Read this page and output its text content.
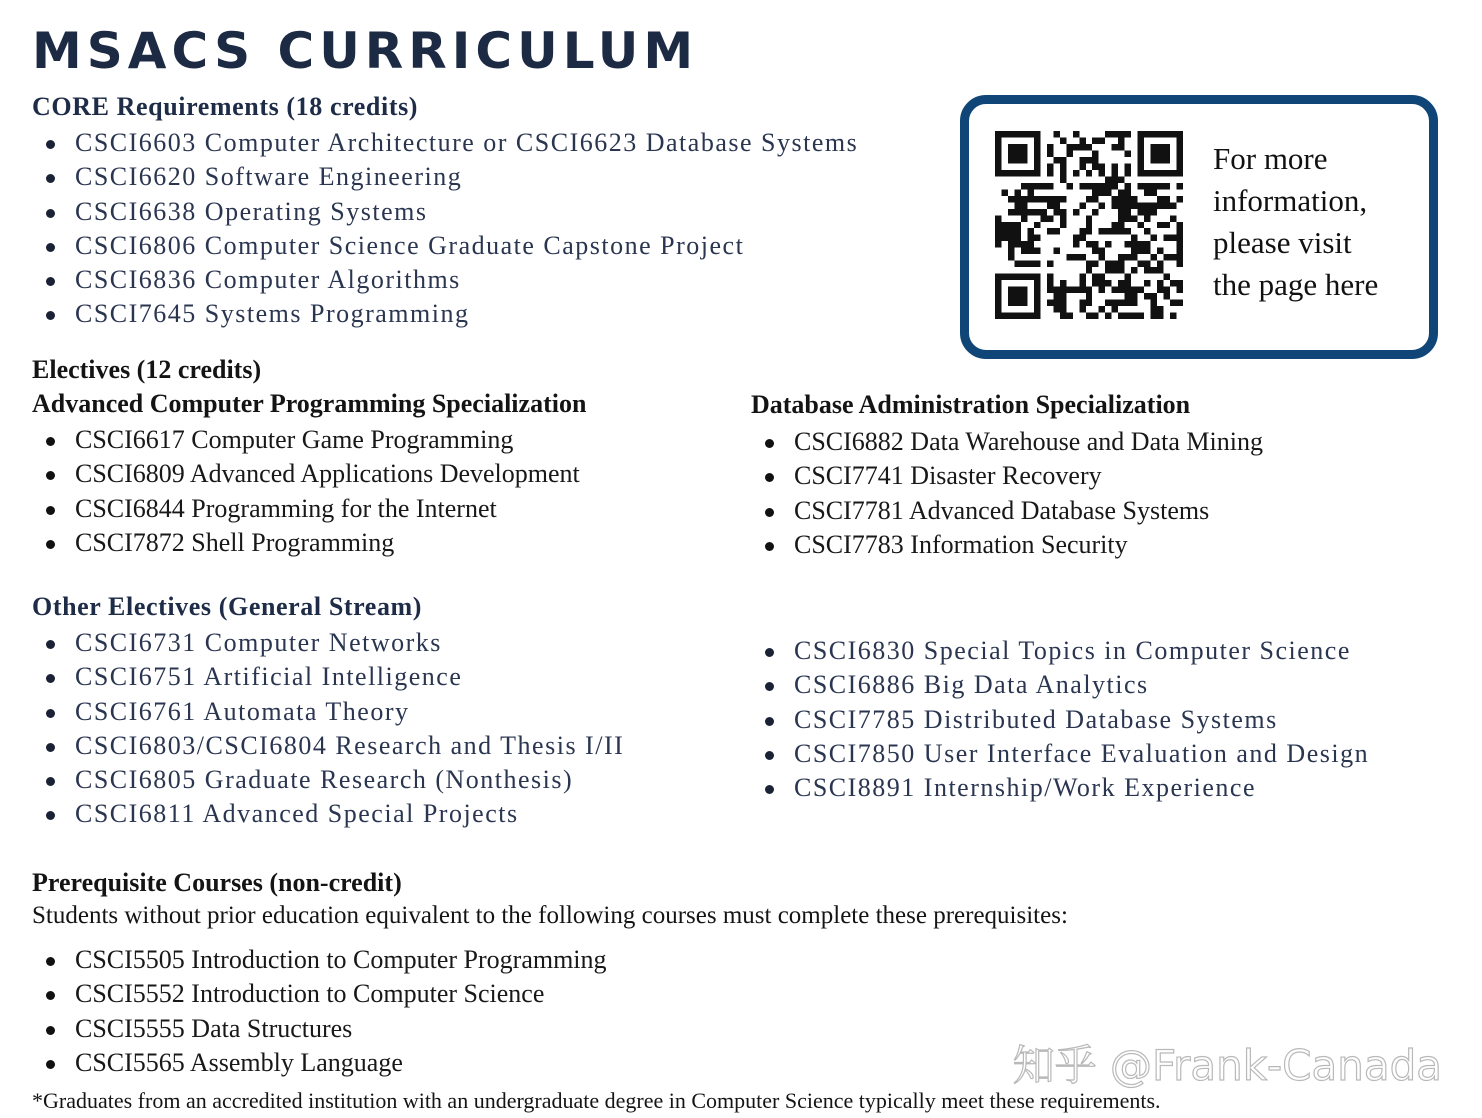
MSACS CURRICULUM
CORE Requirements (18 credits)
CSCI6603 Computer Architecture or CSCI6623 Database Systems
CSCI6620 Software Engineering
CSCI6638 Operating Systems
CSCI6806 Computer Science Graduate Capstone Project
CSCI6836 Computer Algorithms
CSCI7645 Systems Programming
For more
information,
please visit
the page here
Electives (12 credits)
Advanced Computer Programming Specialization
CSCI6617 Computer Game Programming
CSCI6809 Advanced Applications Development
CSCI6844 Programming for the Internet
CSCI7872 Shell Programming
Database Administration Specialization
CSCI6882 Data Warehouse and Data Mining
CSCI7741 Disaster Recovery
CSCI7781 Advanced Database Systems
CSCI7783 Information Security
Other Electives (General Stream)
CSCI6731 Computer Networks
CSCI6751 Artificial Intelligence
CSCI6761 Automata Theory
CSCI6803/CSCI6804 Research and Thesis I/II
CSCI6805 Graduate Research (Nonthesis)
CSCI6811 Advanced Special Projects
CSCI6830 Special Topics in Computer Science
CSCI6886 Big Data Analytics
CSCI7785 Distributed Database Systems
CSCI7850 User Interface Evaluation and Design
CSCI8891 Internship/Work Experience
Prerequisite Courses (non-credit)
Students without prior education equivalent to the following courses must complete these prerequisites:
CSCI5505 Introduction to Computer Programming
CSCI5552 Introduction to Computer Science
CSCI5555 Data Structures
CSCI5565 Assembly Language
*Graduates from an accredited institution with an undergraduate degree in Computer Science typically meet these requirements.
知乎 @Frank-Canada
